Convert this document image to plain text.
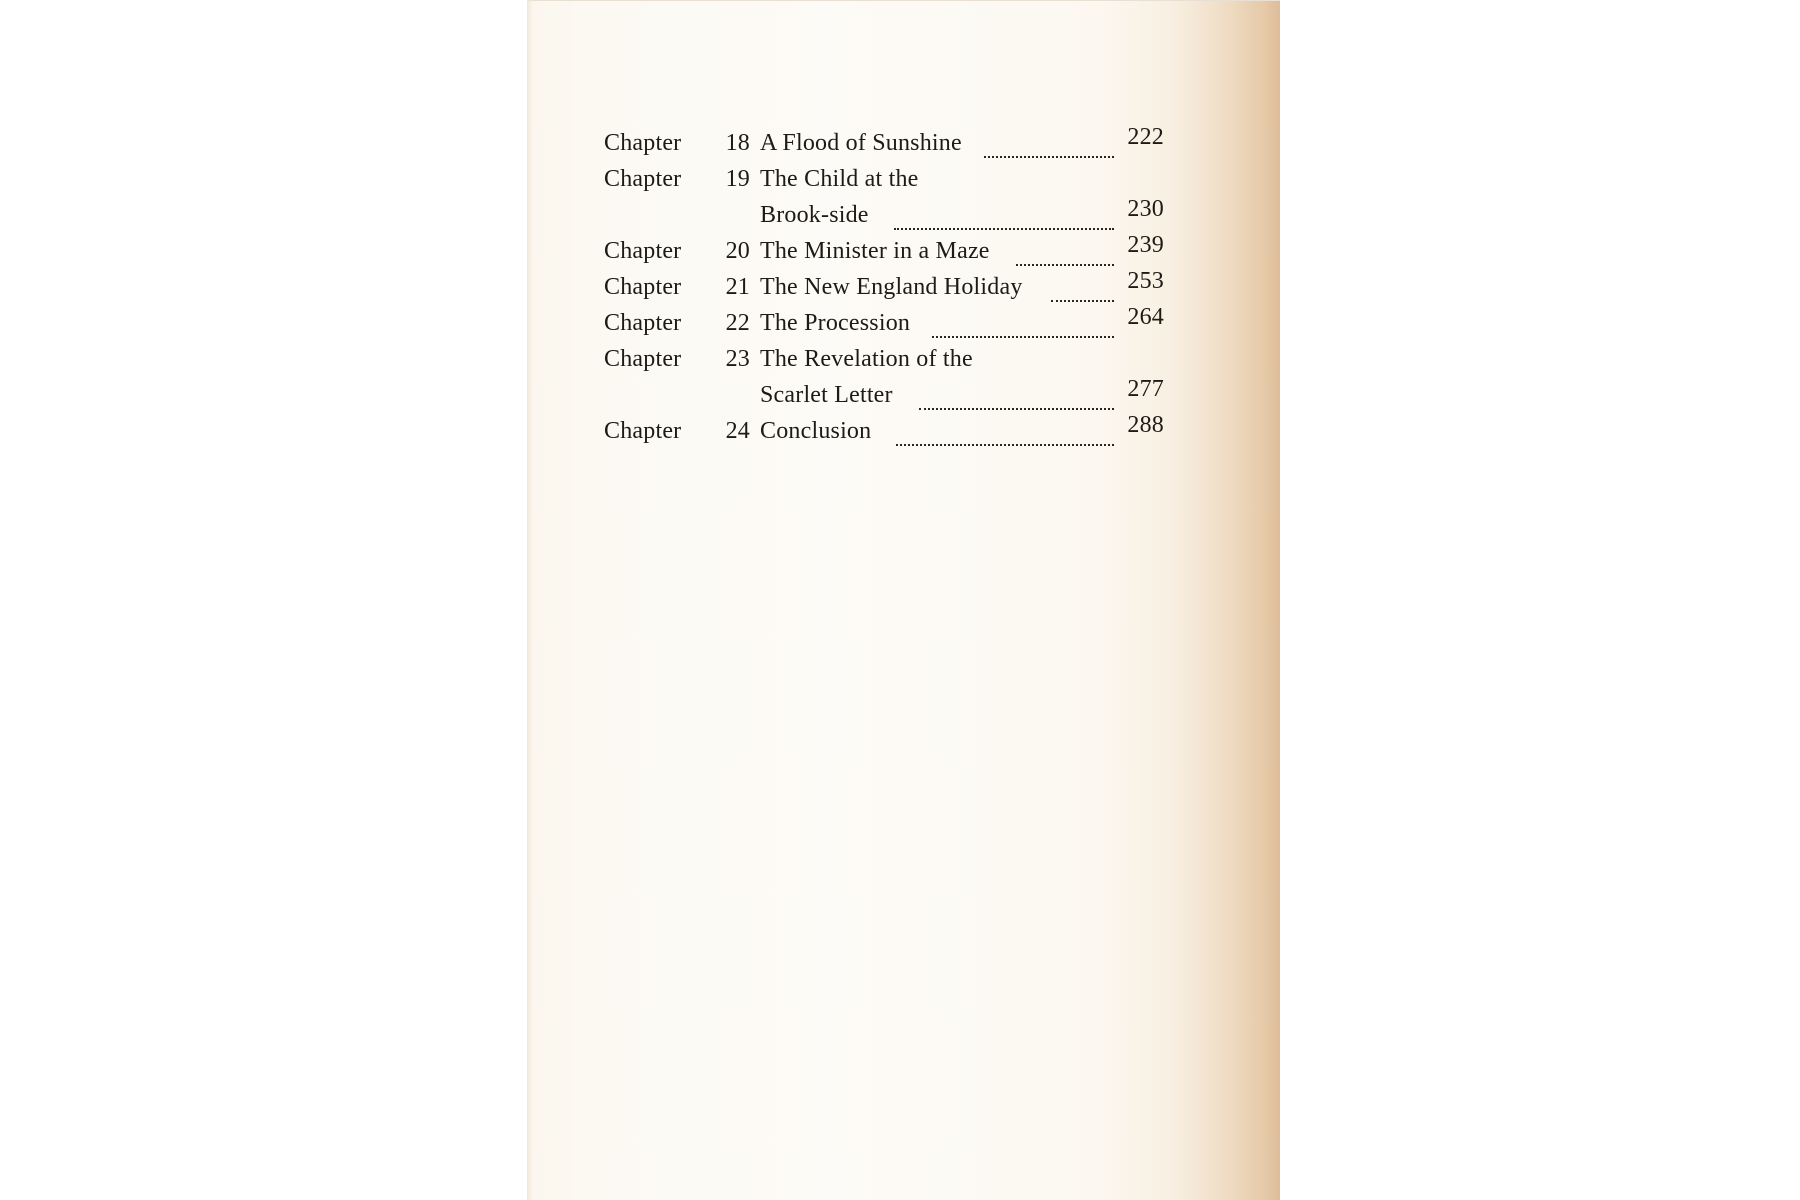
Chapter	18 A Flood of Sunshine	222
Chapter	19 The Child at the
Brook-side	230
Chapter	20 The Minister in a Maze	239
Chapter	21 The New England Holiday	253
Chapter	22 The Procession	264
Chapter	23 The Revelation of the
Scarlet Letter	277
Chapter	24 Conclusion	288
